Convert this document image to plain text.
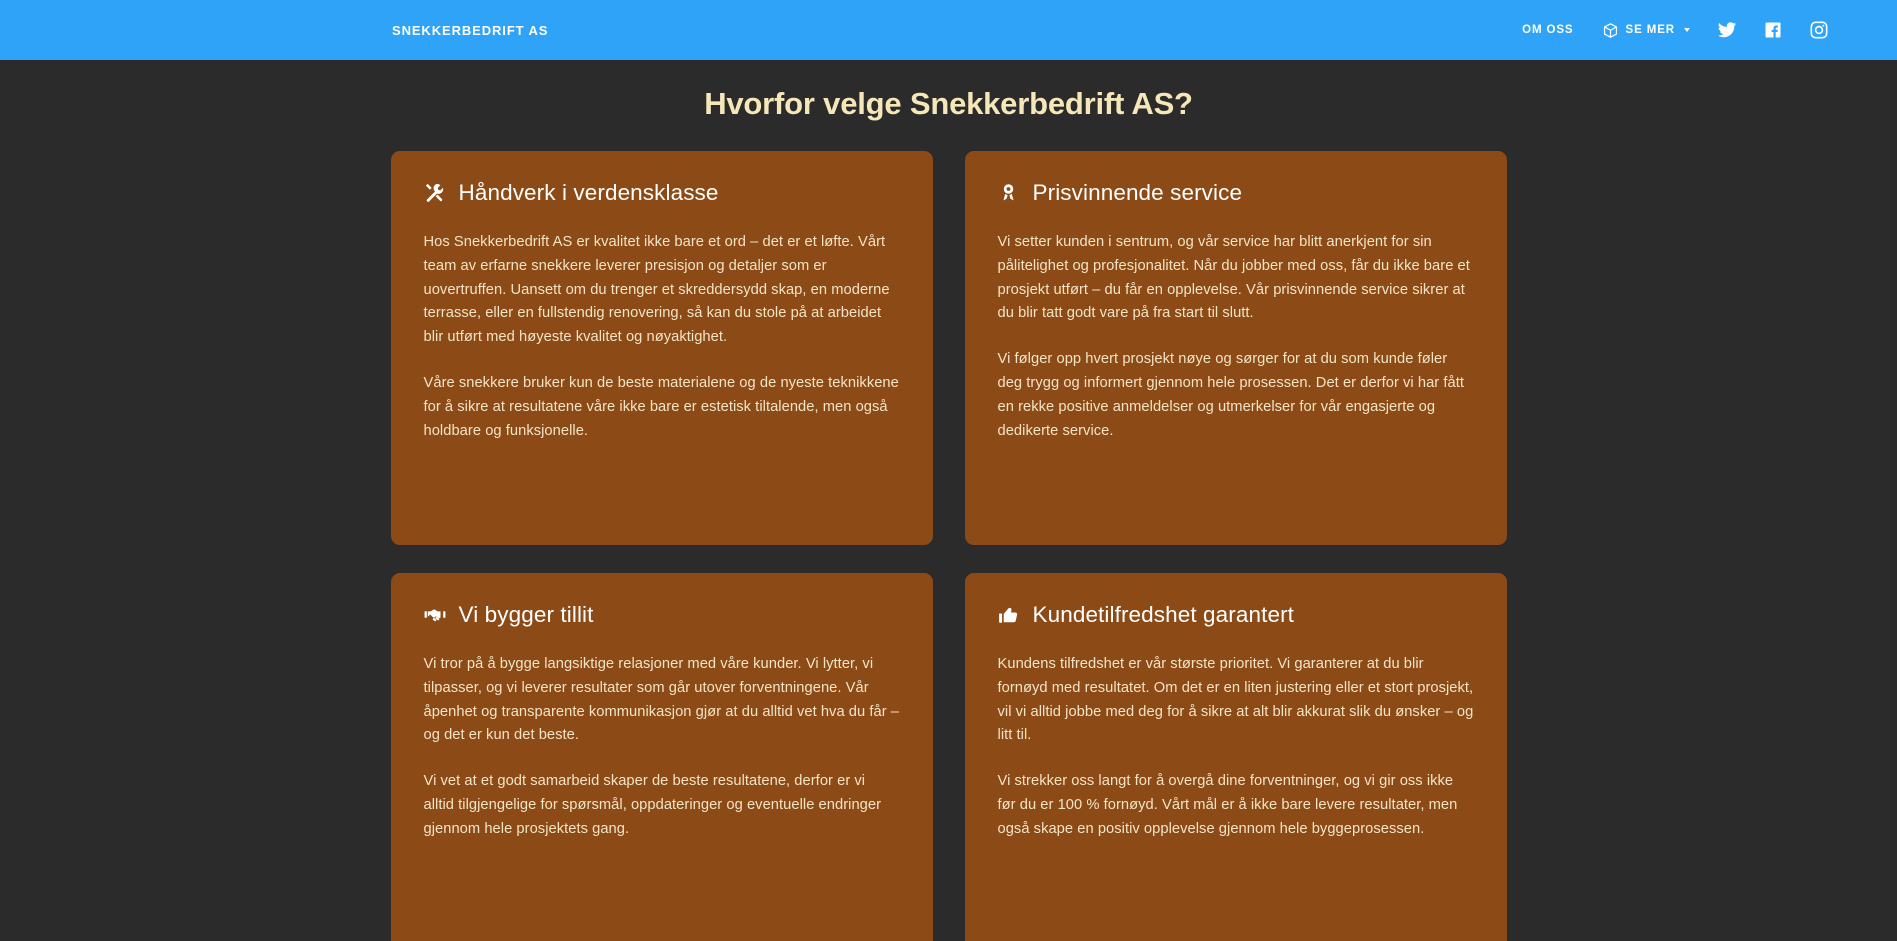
SNEKKERBEDRIFT AS	OM OSS	SE MER
Hvorfor velge Snekkerbedrift AS?
Håndverk i verdensklasse

Hos Snekkerbedrift AS er kvalitet ikke bare et ord – det er et løfte. Vårt team av erfarne snekkere leverer presisjon og detaljer som er uovertruffen. Uansett om du trenger et skreddersydd skap, en moderne terrasse, eller en fullstendig renovering, så kan du stole på at arbeidet blir utført med høyeste kvalitet og nøyaktighet.

Våre snekkere bruker kun de beste materialene og de nyeste teknikkene for å sikre at resultatene våre ikke bare er estetisk tiltalende, men også holdbare og funksjonelle.

Prisvinnende service

Vi setter kunden i sentrum, og vår service har blitt anerkjent for sin pålitelighet og profesjonalitet. Når du jobber med oss, får du ikke bare et prosjekt utført – du får en opplevelse. Vår prisvinnende service sikrer at du blir tatt godt vare på fra start til slutt.

Vi følger opp hvert prosjekt nøye og sørger for at du som kunde føler deg trygg og informert gjennom hele prosessen. Det er derfor vi har fått en rekke positive anmeldelser og utmerkelser for vår engasjerte og dedikerte service.

Vi bygger tillit

Vi tror på å bygge langsiktige relasjoner med våre kunder. Vi lytter, vi tilpasser, og vi leverer resultater som går utover forventningene. Vår åpenhet og transparente kommunikasjon gjør at du alltid vet hva du får – og det er kun det beste.

Vi vet at et godt samarbeid skaper de beste resultatene, derfor er vi alltid tilgjengelige for spørsmål, oppdateringer og eventuelle endringer gjennom hele prosjektets gang.

Kundetilfredshet garantert

Kundens tilfredshet er vår største prioritet. Vi garanterer at du blir fornøyd med resultatet. Om det er en liten justering eller et stort prosjekt, vil vi alltid jobbe med deg for å sikre at alt blir akkurat slik du ønsker – og litt til.

Vi strekker oss langt for å overgå dine forventninger, og vi gir oss ikke før du er 100 % fornøyd. Vårt mål er å ikke bare levere resultater, men også skape en positiv opplevelse gjennom hele byggeprosessen.
